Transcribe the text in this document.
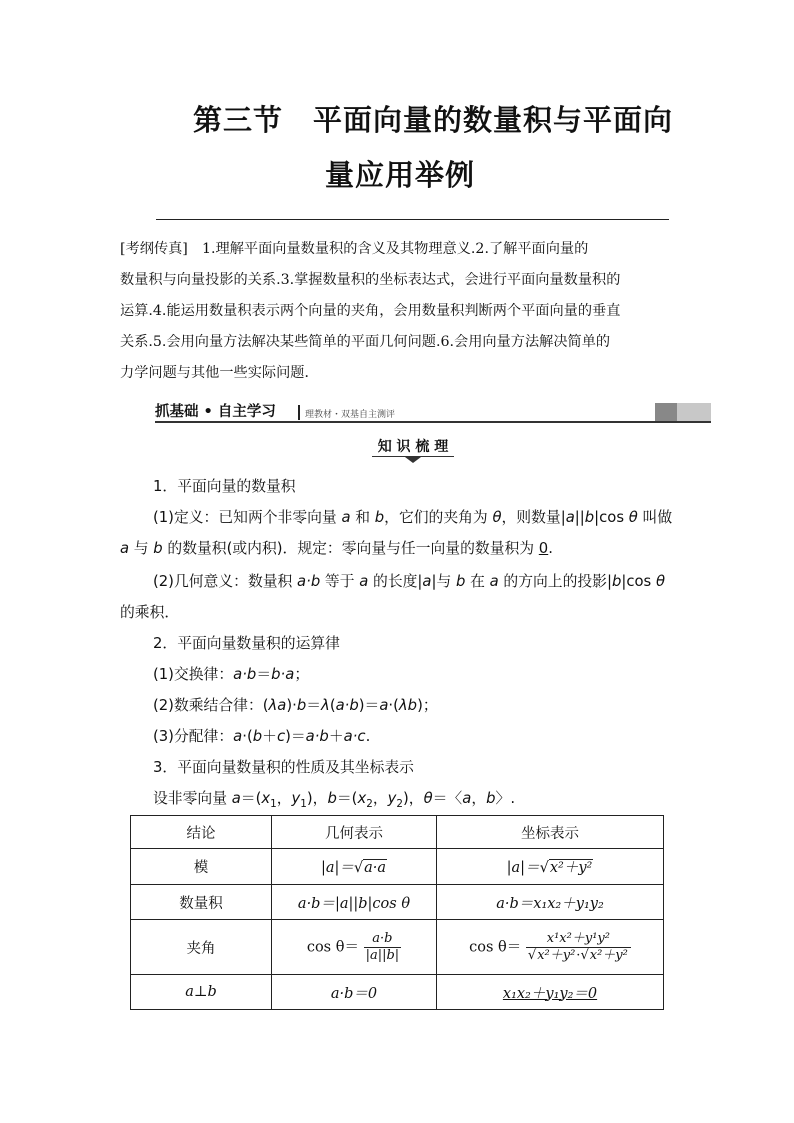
第三节　平面向量的数量积与平面向
量应用举例
[考纲传真]　1.理解平面向量数量积的含义及其物理意义.2.了解平面向量的
数量积与向量投影的关系.3.掌握数量积的坐标表达式，会进行平面向量数量积的
运算.4.能运用数量积表示两个向量的夹角，会用数量积判断两个平面向量的垂直
关系.5.会用向量方法解决某些简单的平面几何问题.6.会用向量方法解决简单的
力学问题与其他一些实际问题．
抓基础 • 自主学习	理教材・双基自主测评
知 识 梳 理
1．平面向量的数量积
(1)定义：已知两个非零向量 a 和 b，它们的夹角为 θ，则数量|a||b|cos θ 叫做
a 与 b 的数量积(或内积)．规定：零向量与任一向量的数量积为 0.
(2)几何意义：数量积 a·b 等于 a 的长度|a|与 b 在 a 的方向上的投影|b|cos θ
的乘积．
2．平面向量数量积的运算律
(1)交换律：a·b＝b·a；
(2)数乘结合律：(λa)·b＝λ(a·b)＝a·(λb)；
(3)分配律：a·(b＋c)＝a·b＋a·c.
3．平面向量数量积的性质及其坐标表示
设非零向量 $a=(x_1$，$y_1$)，$b=(x_2$，$y_2$)，θ＝〈a，b〉.
结论	几何表示	坐标表示
模	|a|＝√a·a	|a|＝√x²＋y²
数量积	a·b＝|a||b|cos θ	a·b＝x₁x₂＋y₁y₂
夹角	$\cos \theta= \frac{a\cdot b}{|a||b|}$	$\cos \theta= \frac{\text{x¹x²＋y¹y²}}{\text{√x²＋y²·√x²＋y²}}$

a⊥b	a·b＝0	x₁x₂＋y₁y₂＝0
